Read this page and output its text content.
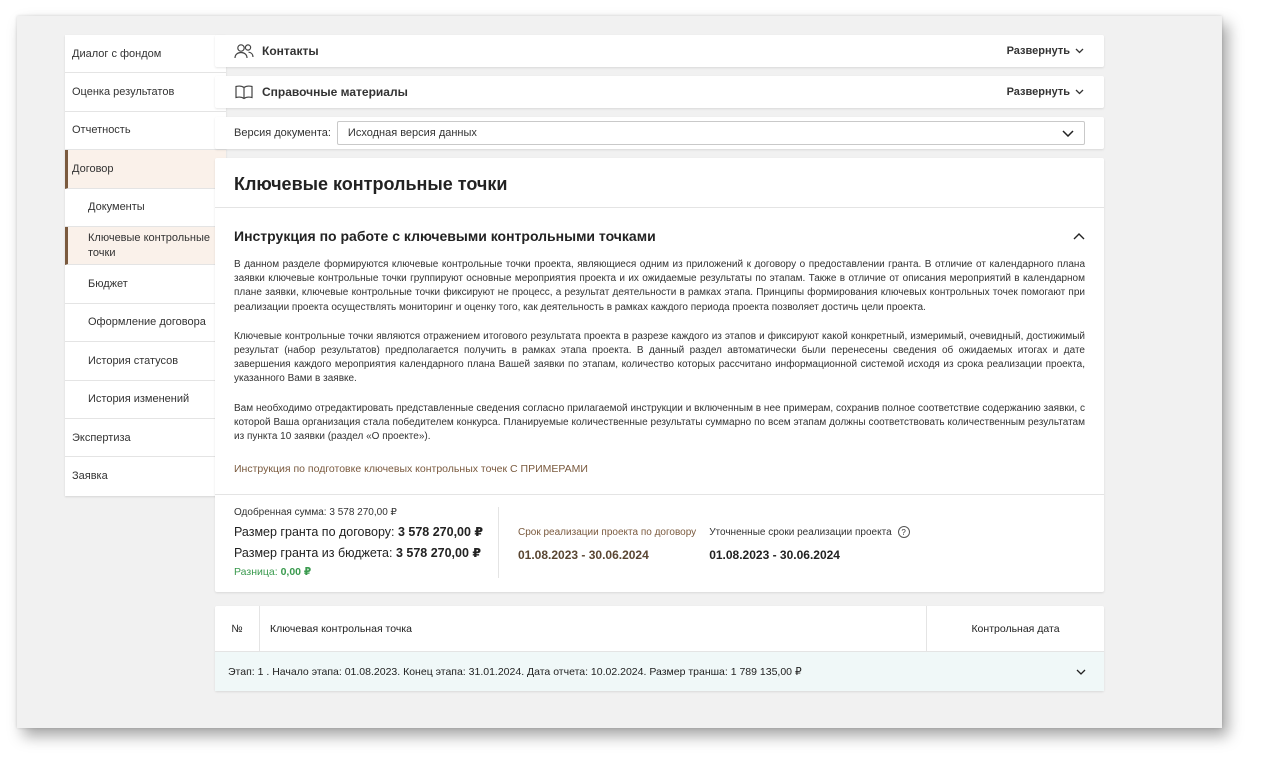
Диалог с фондом
Оценка результатов
Отчетность
Договор
Документы
Ключевые контрольные точки
Бюджет
Оформление договора
История статусов
История изменений
Экспертиза
Заявка
Контакты	Развернуть
Справочные материалы	Развернуть
Версия документа: Исходная версия данных
Ключевые контрольные точки
Инструкция по работе с ключевыми контрольными точками

В данном разделе формируются ключевые контрольные точки проекта, являющиеся одним из приложений к договору о предоставлении гранта. В отличие от календарного плана заявки ключевые контрольные точки группируют основные мероприятия проекта и их ожидаемые результаты по этапам. Также в отличие от описания мероприятий в календарном плане заявки, ключевые контрольные точки фиксируют не процесс, а результат деятельности в рамках этапа. Принципы формирования ключевых контрольных точек помогают при реализации проекта осуществлять мониторинг и оценку того, как деятельность в рамках каждого периода проекта позволяет достичь цели проекта.

Ключевые контрольные точки являются отражением итогового результата проекта в разрезе каждого из этапов и фиксируют какой конкретный, измеримый, очевидный, достижимый результат (набор результатов) предполагается получить в рамках этапа проекта. В данный раздел автоматически были перенесены сведения об ожидаемых итогах и дате завершения каждого мероприятия календарного плана Вашей заявки по этапам, количество которых рассчитано информационной системой исходя из срока реализации проекта, указанного Вами в заявке.

Вам необходимо отредактировать представленные сведения согласно прилагаемой инструкции и включенным в нее примерам, сохранив полное соответствие содержанию заявки, с которой Ваша организация стала победителем конкурса. Планируемые количественные результаты суммарно по всем этапам должны соответствовать количественным результатам из пункта 10 заявки (раздел «О проекте»).

Инструкция по подготовке ключевых контрольных точек С ПРИМЕРАМИ
Одобренная сумма: 3 578 270,00 ₽
Размер гранта по договору: 3 578 270,00 ₽
Размер гранта из бюджета: 3 578 270,00 ₽
Разница: 0,00 ₽
Срок реализации проекта по договору
01.08.2023 - 30.06.2024
Уточненные сроки реализации проекта	?
01.08.2023 - 30.06.2024
№	Ключевая контрольная точка	Контрольная дата
Этап: 1 . Начало этапа: 01.08.2023. Конец этапа: 31.01.2024. Дата отчета: 10.02.2024. Размер транша: 1 789 135,00 ₽
